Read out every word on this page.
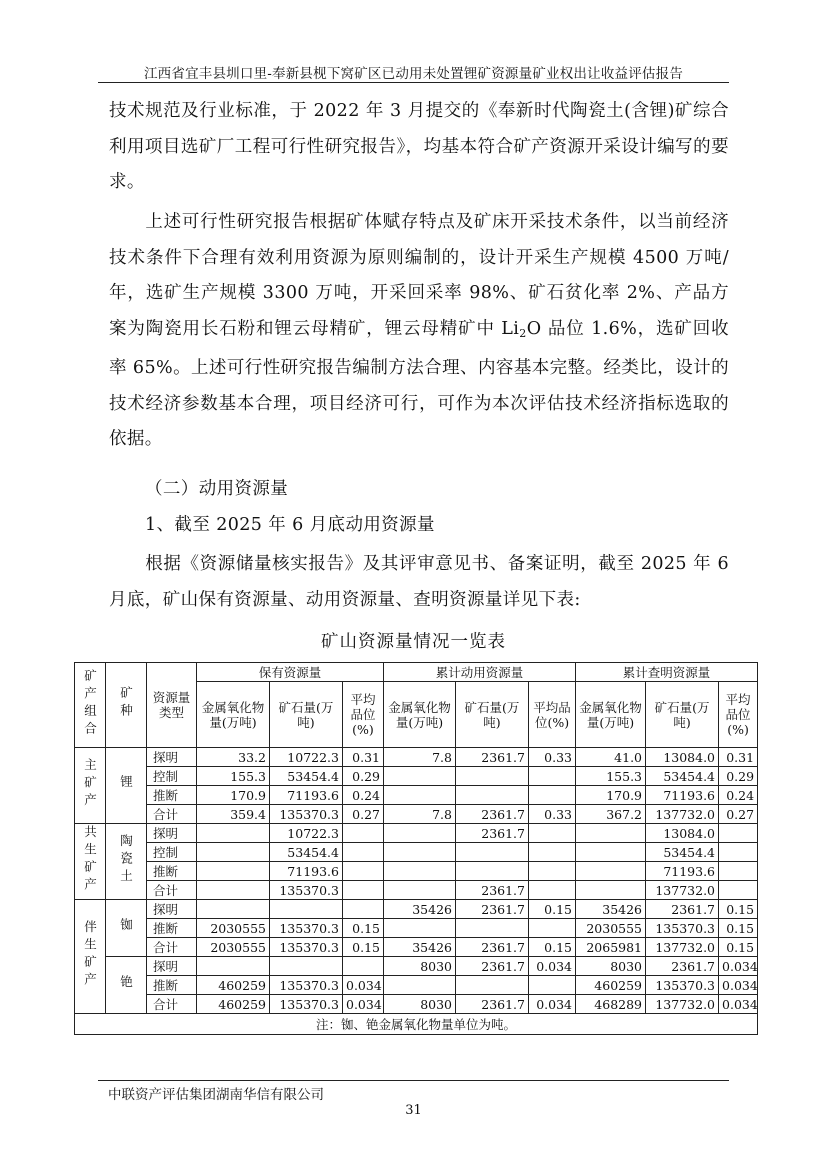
江西省宜丰县圳口里-奉新县枧下窝矿区已动用未处置锂矿资源量矿业权出让收益评估报告

技术规范及行业标准，于 2022 年 3 月提交的《奉新时代陶瓷土(含锂)矿综合利用项目选矿厂工程可行性研究报告》，均基本符合矿产资源开采设计编写的要求。

上述可行性研究报告根据矿体赋存特点及矿床开采技术条件，以当前经济技术条件下合理有效利用资源为原则编制的，设计开采生产规模 4500 万吨/年，选矿生产规模 3300 万吨，开采回采率 98%、矿石贫化率 2%、产品方案为陶瓷用长石粉和锂云母精矿，锂云母精矿中 $Li_2O$ 品位 1.6%，选矿回收率 65%。上述可行性研究报告编制方法合理、内容基本完整。经类比，设计的技术经济参数基本合理，项目经济可行，可作为本次评估技术经济指标选取的依据。

（二）动用资源量
1、截至 2025 年 6 月底动用资源量

根据《资源储量核实报告》及其评审意见书、备案证明，截至 2025 年 6 月底，矿山保有资源量、动用资源量、查明资源量详见下表:

矿山资源量情况一览表
矿产组合	矿种	资源量类型	保有资源量			累计动用资源量			累计查明资源量		
			金属氧化物量(万吨)	矿石量(万吨)	平均品位(%)	金属氧化物量(万吨)	矿石量(万吨)	平均品位(%)	金属氧化物量(万吨)	矿石量(万吨)	平均品位(%)
主矿产	锂	探明	33.2	10722.3	0.31	7.8	2361.7	0.33	41.0	13084.0	0.31
		控制	155.3	53454.4	0.29				155.3	53454.4	0.29
		推断	170.9	71193.6	0.24				170.9	71193.6	0.24
		合计	359.4	135370.3	0.27	7.8	2361.7	0.33	367.2	137732.0	0.27
共生矿产	陶瓷土	探明		10722.3			2361.7			13084.0	
		控制		53454.4						53454.4	
		推断		71193.6						71193.6	
		合计		135370.3			2361.7			137732.0	
伴生矿产	铷	探明				35426	2361.7	0.15	35426	2361.7	0.15
		推断	2030555	135370.3	0.15				2030555	135370.3	0.15
		合计	2030555	135370.3	0.15	35426	2361.7	0.15	2065981	137732.0	0.15
	铯	探明				8030	2361.7	0.034	8030	2361.7	0.034
		推断	460259	135370.3	0.034				460259	135370.3	0.034
		合计	460259	135370.3	0.034	8030	2361.7	0.034	468289	137732.0	0.034
注：铷、铯金属氧化物量单位为吨。											
中联资产评估集团湖南华信有限公司
31
